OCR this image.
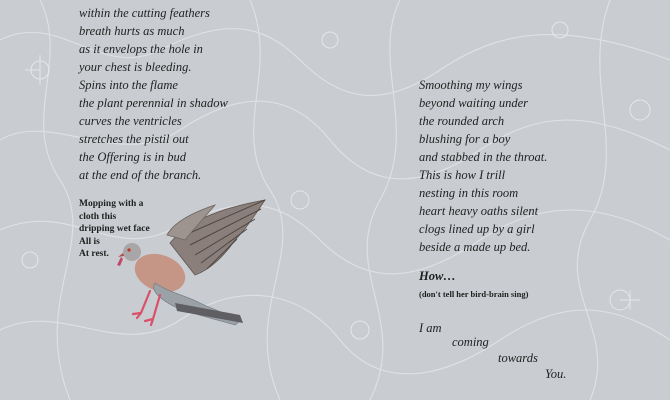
within the cutting feathers
breath hurts as much
as it envelops the hole in
your chest is bleeding.
Spins into the flame
the plant perennial in shadow
curves the ventricles
stretches the pistil out
the Offering is in bud
at the end of the branch.
Mopping with a
cloth this
dripping wet face
All is
At rest.
Smoothing my wings
beyond waiting under
the rounded arch
blushing for a boy
and stabbed in the throat.
This is how I trill
nesting in this room
heart heavy oaths silent
clogs lined up by a girl
beside a made up bed.
How…
(don't tell her bird-brain sing)
I am
coming
towards
You.
